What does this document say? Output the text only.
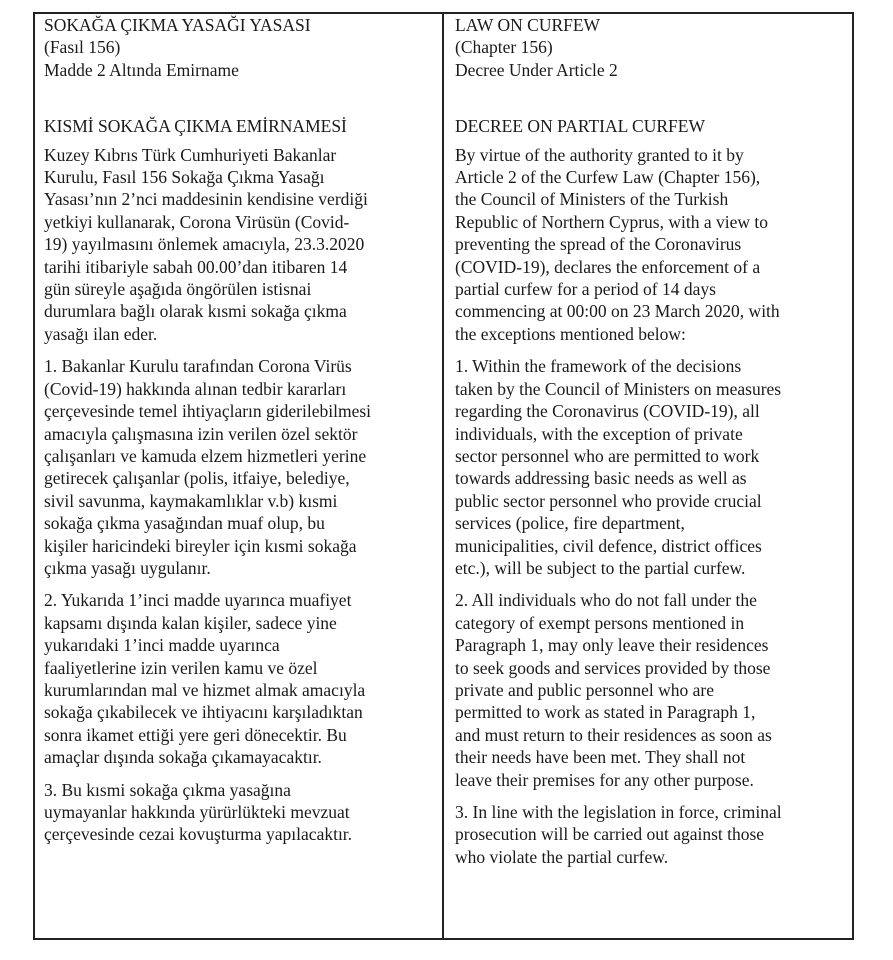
SOKAĞA ÇIKMA YASAĞI YASASI
(Fasıl 156)
Madde 2 Altında Emirname
KISMİ SOKAĞA ÇIKMA EMİRNAMESİ
Kuzey Kıbrıs Türk Cumhuriyeti Bakanlar
Kurulu, Fasıl 156 Sokağa Çıkma Yasağı
Yasası’nın 2’nci maddesinin kendisine verdiği
yetkiyi kullanarak, Corona Virüsün (Covid-
19) yayılmasını önlemek amacıyla, 23.3.2020
tarihi itibariyle sabah 00.00’dan itibaren 14
gün süreyle aşağıda öngörülen istisnai
durumlara bağlı olarak kısmi sokağa çıkma
yasağı ilan eder.
1. Bakanlar Kurulu tarafından Corona Virüs
(Covid-19) hakkında alınan tedbir kararları
çerçevesinde temel ihtiyaçların giderilebilmesi
amacıyla çalışmasına izin verilen özel sektör
çalışanları ve kamuda elzem hizmetleri yerine
getirecek çalışanlar (polis, itfaiye, belediye,
sivil savunma, kaymakamlıklar v.b) kısmi
sokağa çıkma yasağından muaf olup, bu
kişiler haricindeki bireyler için kısmi sokağa
çıkma yasağı uygulanır.
2. Yukarıda 1’inci madde uyarınca muafiyet
kapsamı dışında kalan kişiler, sadece yine
yukarıdaki 1’inci madde uyarınca
faaliyetlerine izin verilen kamu ve özel
kurumlarından mal ve hizmet almak amacıyla
sokağa çıkabilecek ve ihtiyacını karşıladıktan
sonra ikamet ettiği yere geri dönecektir. Bu
amaçlar dışında sokağa çıkamayacaktır.
3. Bu kısmi sokağa çıkma yasağına
uymayanlar hakkında yürürlükteki mevzuat
çerçevesinde cezai kovuşturma yapılacaktır.
LAW ON CURFEW
(Chapter 156)
Decree Under Article 2
DECREE ON PARTIAL CURFEW
By virtue of the authority granted to it by
Article 2 of the Curfew Law (Chapter 156),
the Council of Ministers of the Turkish
Republic of Northern Cyprus, with a view to
preventing the spread of the Coronavirus
(COVID-19), declares the enforcement of a
partial curfew for a period of 14 days
commencing at 00:00 on 23 March 2020, with
the exceptions mentioned below:
1. Within the framework of the decisions
taken by the Council of Ministers on measures
regarding the Coronavirus (COVID-19), all
individuals, with the exception of private
sector personnel who are permitted to work
towards addressing basic needs as well as
public sector personnel who provide crucial
services (police, fire department,
municipalities, civil defence, district offices
etc.), will be subject to the partial curfew.
2. All individuals who do not fall under the
category of exempt persons mentioned in
Paragraph 1, may only leave their residences
to seek goods and services provided by those
private and public personnel who are
permitted to work as stated in Paragraph 1,
and must return to their residences as soon as
their needs have been met. They shall not
leave their premises for any other purpose.
3. In line with the legislation in force, criminal
prosecution will be carried out against those
who violate the partial curfew.
